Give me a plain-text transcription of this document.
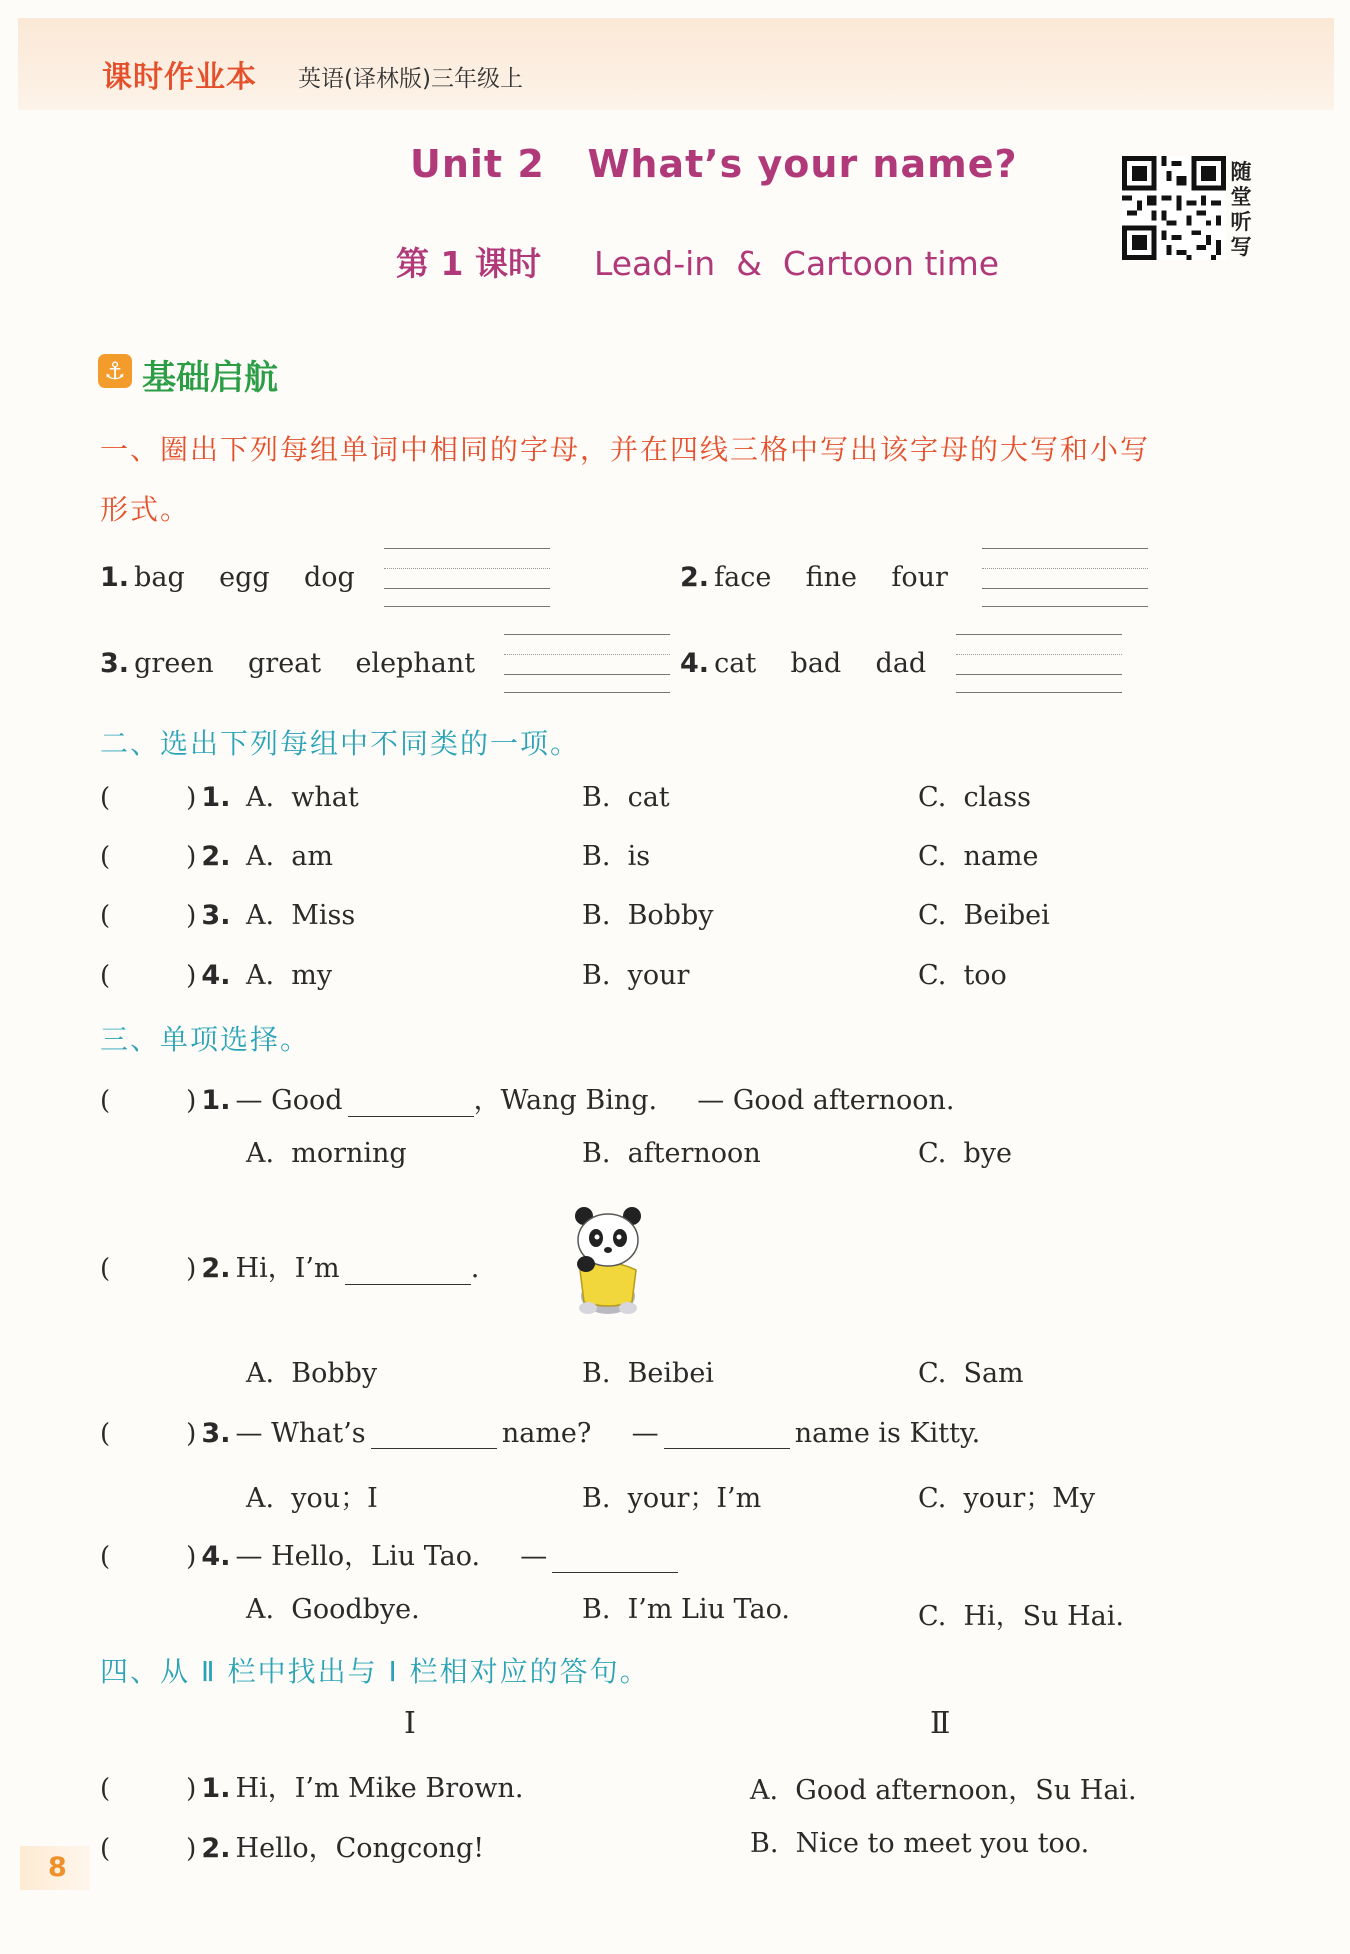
课时作业本 英语(译林版)三年级上
Unit 2   What’s your name?
第 1 课时 Lead-in  &  Cartoon time
随堂听写
⚓ 基础启航
一、圈出下列每组单词中相同的字母，并在四线三格中写出该字母的大写和小写
形式。
1. bag    egg    dog	2. face    fine    four
3. green    great    elephant	4. cat    bad    dad
二、选出下列每组中不同类的一项。
(	) 1. A.  what	B.  cat	C.  class
(	) 2. A.  am	B.  is	C.  name
(	) 3. A.  Miss	B.  Bobby	C.  Beibei
(	) 4. A.  my	B.  your	C.  too
三、单项选择。
(	) 1. — Good	，Wang Bing. — Good afternoon.
A.  morning	B.  afternoon	C.  bye
(	) 2. Hi，I’m	.
A.  Bobby	B.  Beibei	C.  Sam
(	) 3. — What’s	name? —	name is Kitty.
A.  you；I	B.  your；I’m	C.  your；My
(	) 4. — Hello，Liu Tao. —
A.  Goodbye.	B.  I’m Liu Tao.	C.  Hi，Su Hai.
四、从 Ⅱ 栏中找出与 Ⅰ 栏相对应的答句。
Ⅰ	Ⅱ
(	) 1. Hi，I’m Mike Brown.	A.  Good afternoon，Su Hai.
(	) 2. Hello，Congcong!	B.  Nice to meet you too.
8
